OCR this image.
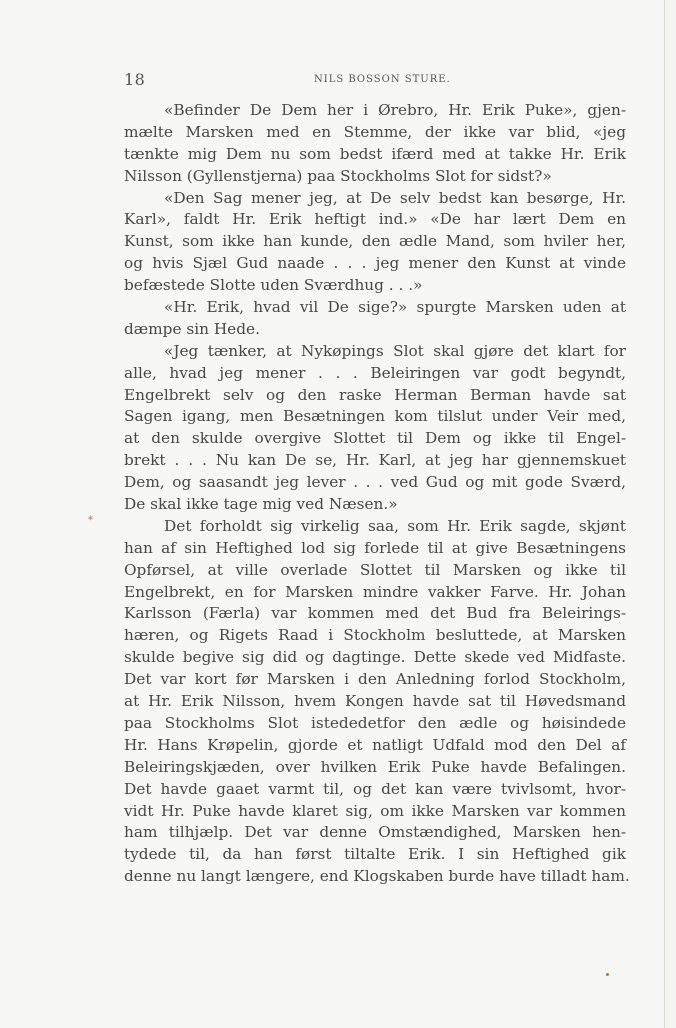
18	NILS BOSSON STURE.
*
«Befinder De Dem her i Ørebro, Hr. Erik Puke», gjen-
mælte Marsken med en Stemme, der ikke var blid, «jeg
tænkte mig Dem nu som bedst ifærd med at takke Hr. Erik
Nilsson (Gyllenstjerna) paa Stockholms Slot for sidst?»
«Den Sag mener jeg, at De selv bedst kan besørge, Hr.
Karl», faldt Hr. Erik heftigt ind.» «De har lært Dem en
Kunst, som ikke han kunde, den ædle Mand, som hviler her,
og hvis Sjæl Gud naade . . . jeg mener den Kunst at vinde
befæstede Slotte uden Sværdhug . . .»
«Hr. Erik, hvad vil De sige?» spurgte Marsken uden at
dæmpe sin Hede.
«Jeg tænker, at Nykøpings Slot skal gjøre det klart for
alle, hvad jeg mener . . . Beleiringen var godt begyndt,
Engelbrekt selv og den raske Herman Berman havde sat
Sagen igang, men Besætningen kom tilslut under Veir med,
at den skulde overgive Slottet til Dem og ikke til Engel-
brekt . . . Nu kan De se, Hr. Karl, at jeg har gjennemskuet
Dem, og saasandt jeg lever . . . ved Gud og mit gode Sværd,
De skal ikke tage mig ved Næsen.»
Det forholdt sig virkelig saa, som Hr. Erik sagde, skjønt
han af sin Heftighed lod sig forlede til at give Besætningens
Opførsel, at ville overlade Slottet til Marsken og ikke til
Engelbrekt, en for Marsken mindre vakker Farve. Hr. Johan
Karlsson (Færla) var kommen med det Bud fra Beleirings-
hæren, og Rigets Raad i Stockholm besluttede, at Marsken
skulde begive sig did og dagtinge. Dette skede ved Midfaste.
Det var kort før Marsken i den Anledning forlod Stockholm,
at Hr. Erik Nilsson, hvem Kongen havde sat til Høvedsmand
paa Stockholms Slot istededetfor den ædle og høisindede
Hr. Hans Krøpelin, gjorde et natligt Udfald mod den Del af
Beleiringskjæden, over hvilken Erik Puke havde Befalingen.
Det havde gaaet varmt til, og det kan være tvivlsomt, hvor-
vidt Hr. Puke havde klaret sig, om ikke Marsken var kommen
ham tilhjælp. Det var denne Omstændighed, Marsken hen-
tydede til, da han først tiltalte Erik. I sin Heftighed gik
denne nu langt længere, end Klogskaben burde have tilladt ham.
